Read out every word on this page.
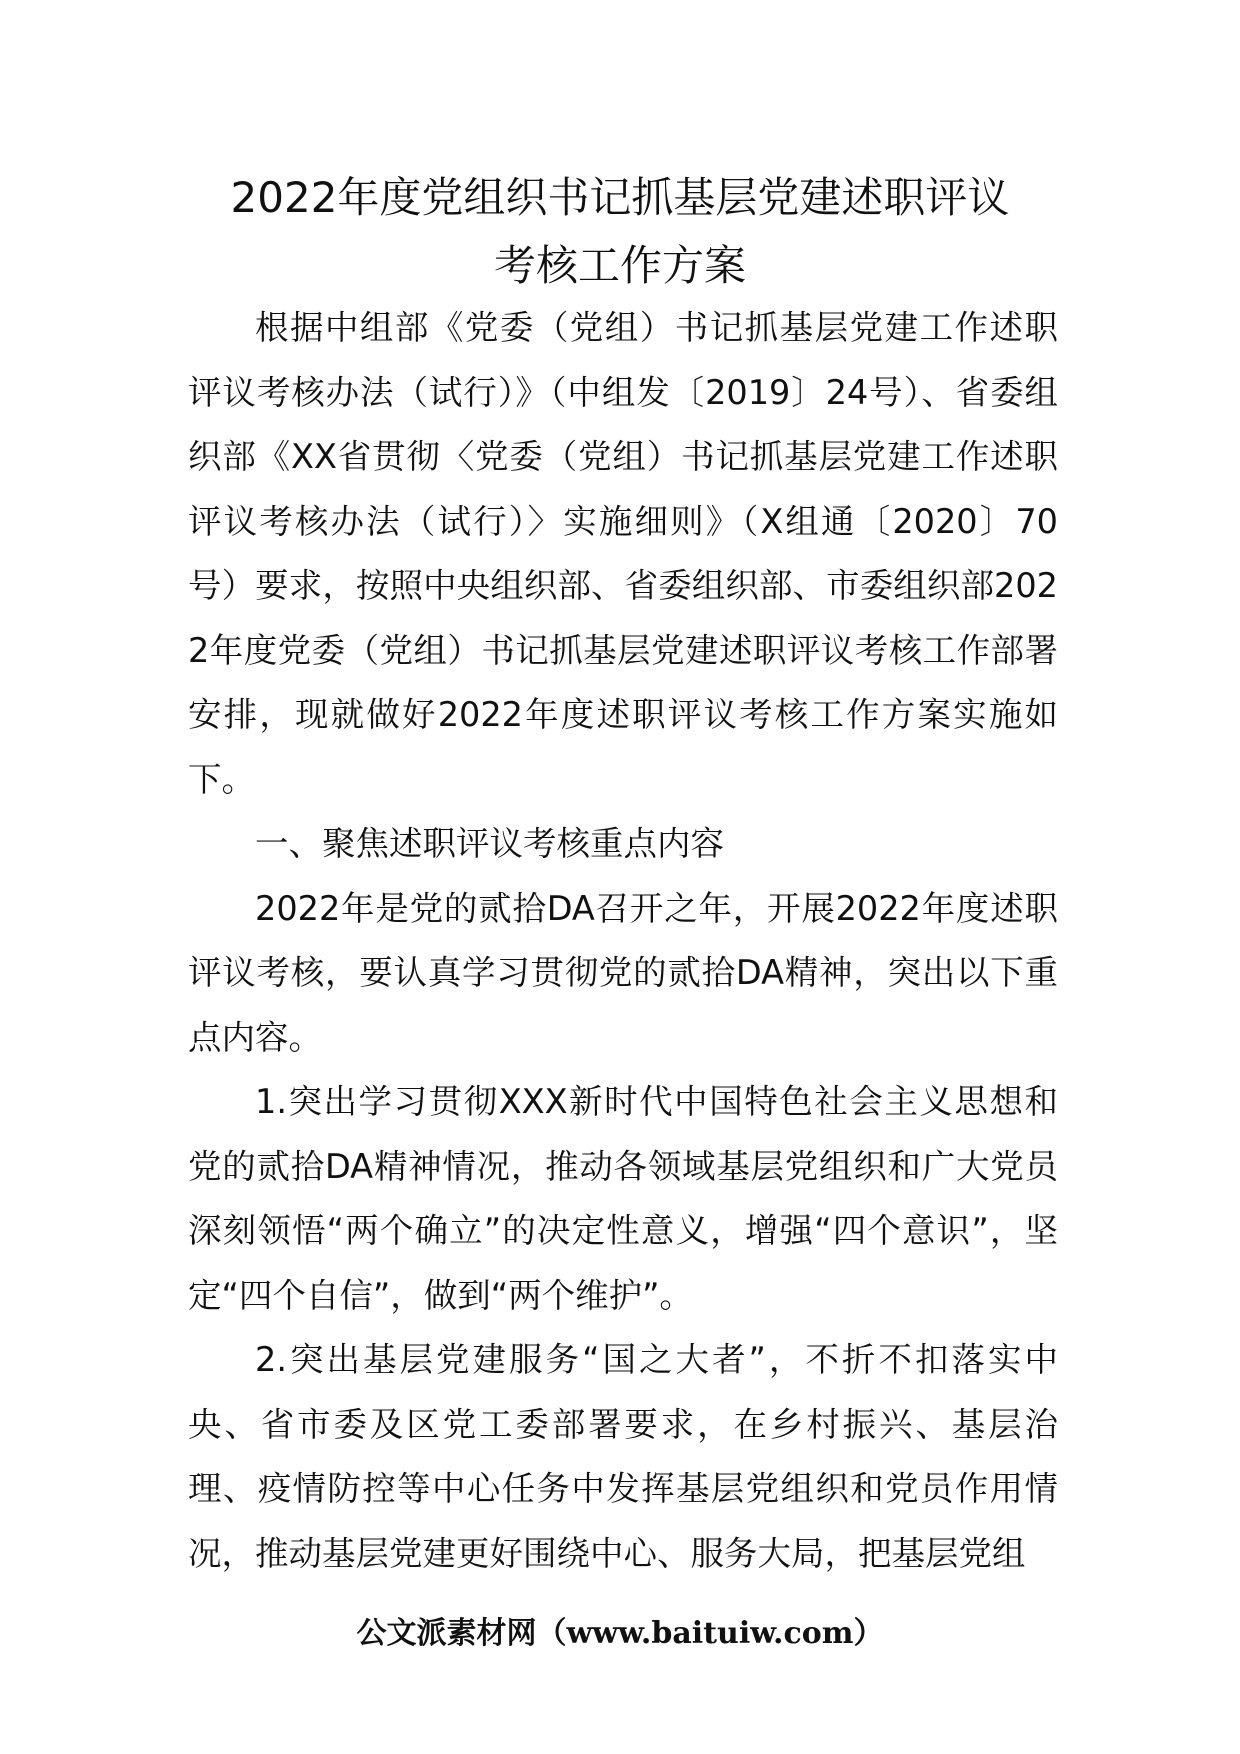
2022年度党组织书记抓基层党建述职评议
考核工作方案

根据中组部《党委（党组）书记抓基层党建工作述职评议考核办法（试行）》（中组发〔2019〕24号）、省委组织部《XX省贯彻〈党委（党组）书记抓基层党建工作述职评议考核办法（试行）〉实施细则》（X组通〔2020〕70号）要求，按照中央组织部、省委组织部、市委组织部2022年度党委（党组）书记抓基层党建述职评议考核工作部署安排，现就做好2022年度述职评议考核工作方案实施如下。

一、聚焦述职评议考核重点内容

2022年是党的贰拾DA召开之年，开展2022年度述职评议考核，要认真学习贯彻党的贰拾DA精神，突出以下重点内容。

1.突出学习贯彻XXX新时代中国特色社会主义思想和党的贰拾DA精神情况，推动各领域基层党组织和广大党员深刻领悟“两个确立”的决定性意义，增强“四个意识”，坚定“四个自信”，做到“两个维护”。

2.突出基层党建服务“国之大者”，不折不扣落实中央、省市委及区党工委部署要求，在乡村振兴、基层治理、疫情防控等中心任务中发挥基层党组织和党员作用情况，推动基层党建更好围绕中心、服务大局，把基层党组

公文派素材网（www.baituiw.com）
